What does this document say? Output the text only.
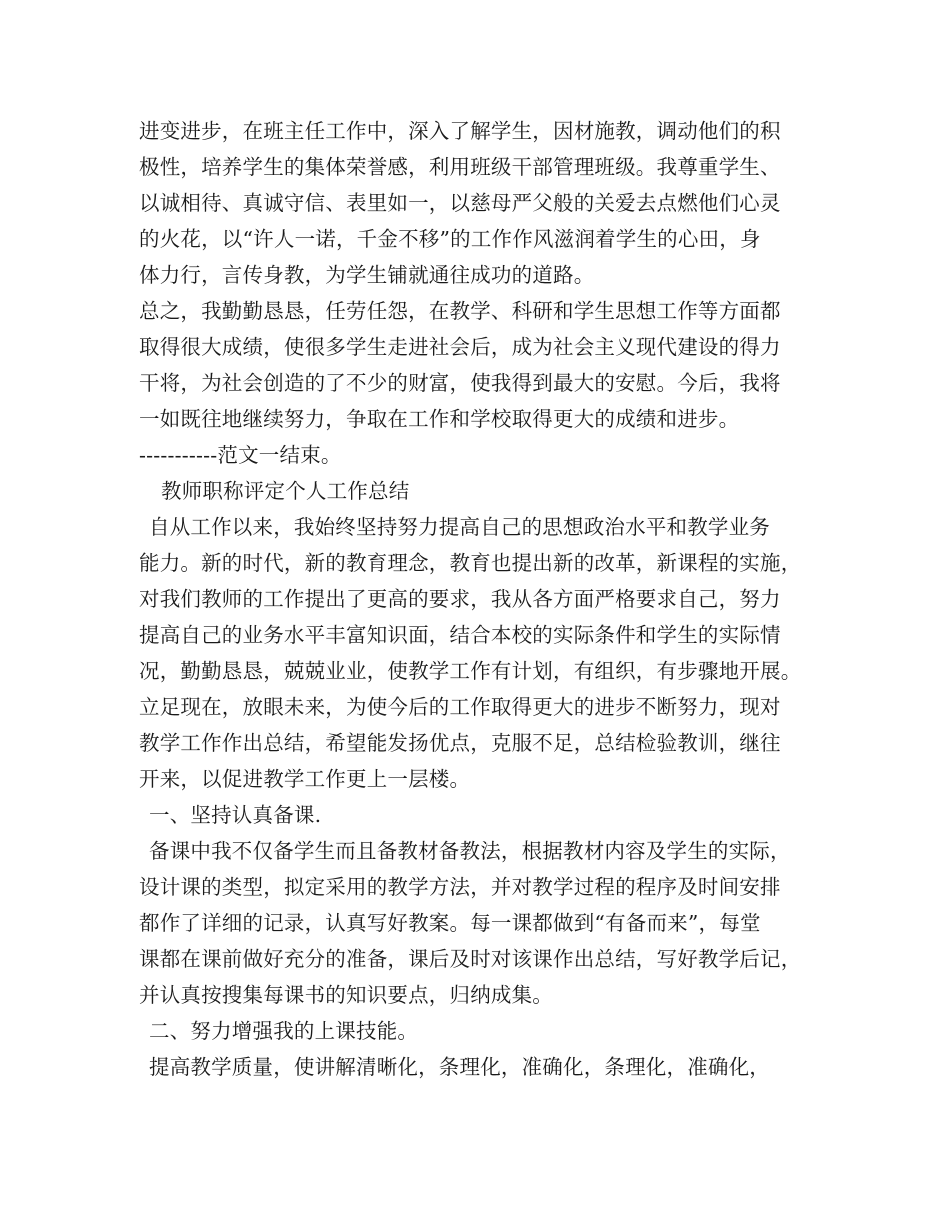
进变进步，在班主任工作中，深入了解学生，因材施教，调动他们的积
极性，培养学生的集体荣誉感，利用班级干部管理班级。我尊重学生、
以诚相待、真诚守信、表里如一，以慈母严父般的关爱去点燃他们心灵
的火花，以“许人一诺，千金不移”的工作作风滋润着学生的心田，身
体力行，言传身教，为学生铺就通往成功的道路。
总之，我勤勤恳恳，任劳任怨，在教学、科研和学生思想工作等方面都
取得很大成绩，使很多学生走进社会后，成为社会主义现代建设的得力
干将，为社会创造的了不少的财富，使我得到最大的安慰。今后，我将
一如既往地继续努力，争取在工作和学校取得更大的成绩和进步。
-----------范文一结束。
教师职称评定个人工作总结
自从工作以来，我始终坚持努力提高自己的思想政治水平和教学业务
能力。新的时代，新的教育理念，教育也提出新的改革，新课程的实施，
对我们教师的工作提出了更高的要求，我从各方面严格要求自己，努力
提高自己的业务水平丰富知识面，结合本校的实际条件和学生的实际情
况，勤勤恳恳，兢兢业业，使教学工作有计划，有组织，有步骤地开展。
立足现在，放眼未来，为使今后的工作取得更大的进步不断努力，现对
教学工作作出总结，希望能发扬优点，克服不足，总结检验教训，继往
开来，以促进教学工作更上一层楼。
一、坚持认真备课.
备课中我不仅备学生而且备教材备教法，根据教材内容及学生的实际，
设计课的类型，拟定采用的教学方法，并对教学过程的程序及时间安排
都作了详细的记录，认真写好教案。每一课都做到“有备而来”，每堂
课都在课前做好充分的准备，课后及时对该课作出总结，写好教学后记，
并认真按搜集每课书的知识要点，归纳成集。
二、努力增强我的上课技能。
提高教学质量，使讲解清晰化，条理化，准确化，条理化，准确化，
